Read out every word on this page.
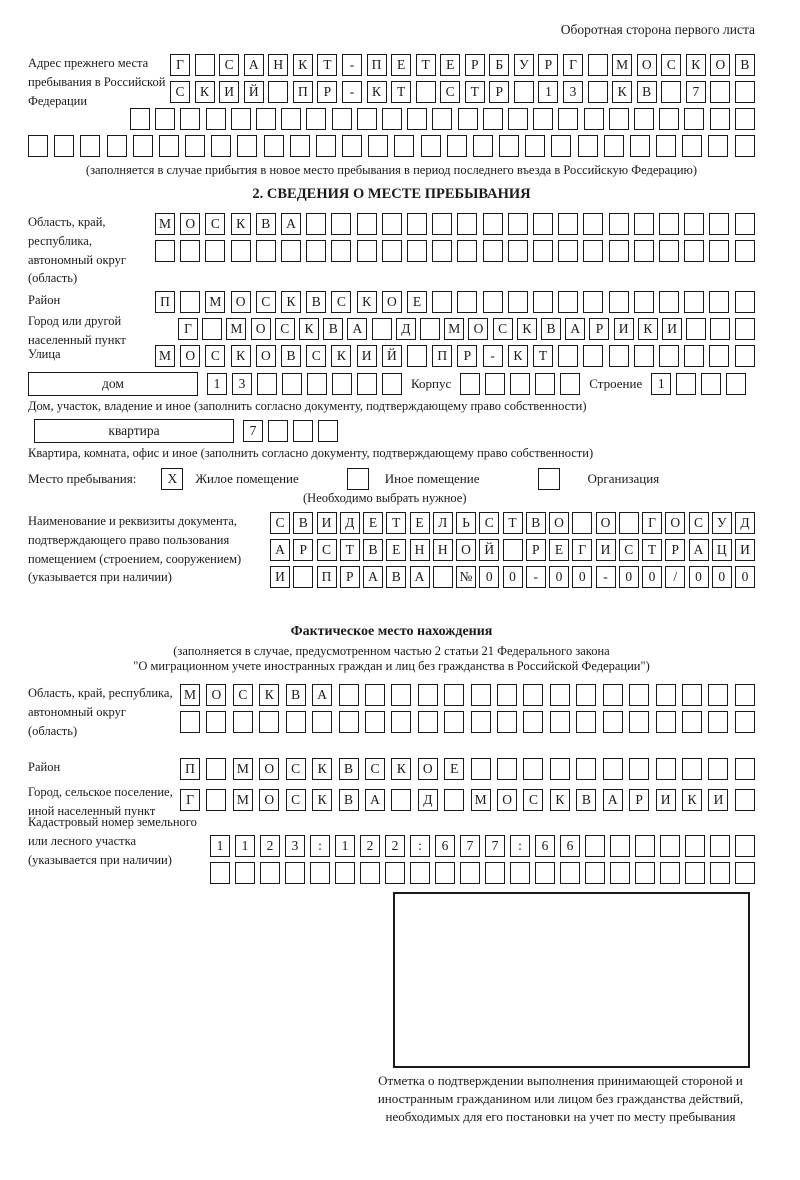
Оборотная сторона первого листа
Адрес прежнего места пребывания в Российской Федерации
Г	С	А	Н	К	Т	-	П	Е	Т	Е	Р	Б	У	Р	Г	М	О	С	К	О	В
С	К	И	Й	П	Р	-	К	Т	С	Т	Р	1	3	К	В	7
(заполняется в случае прибытия в новое место пребывания в период последнего въезда в Российскую Федерацию)
2. СВЕДЕНИЯ О МЕСТЕ ПРЕБЫВАНИЯ
Область, край, республика, автономный округ (область)
М	О	С	К	В	А
Район	П	М	О	С	К	В	С	К	О	Е
Город или другой населенный пункт
Г	М О	С	К	В	А	Д	М О	С	К	В	А	Р	И	К	И
Улица	М	О	С	К	О	В	С	К	И	Й	П	Р	-	К	Т
дом	1	3	Корпус	Строение	1
Дом, участок, владение и иное (заполнить согласно документу, подтверждающему право собственности)
квартира	7
Квартира, комната, офис и иное (заполнить согласно документу, подтверждающему право собственности)
Место пребывания:	X	Жилое помещение	Иное помещение	Организация
(Необходимо выбрать нужное)
Наименование и реквизиты документа, подтверждающего право пользования помещением (строением, сооружением) (указывается при наличии)
С	В	И	Д	Е	Т	Е	Л	Ь	С	Т	В	О	О	Г	О	С	У	Д
А	Р	С	Т	В	Е	Н	Н	О	Й	Р	Е	Г	И	С	Т	Р	А	Ц	И
И	П	Р	А	В	А	№ 0	0	-	0	0	-	0	0	/	0	0	0
Фактическое место нахождения
(заполняется в случае, предусмотренном частью 2 статьи 21 Федерального закона
"О миграционном учете иностранных граждан и лиц без гражданства в Российской Федерации")
Область, край, республика, автономный округ (область)
М	О	С	К	В	А
Район	П	М	О	С	К	В	С	К	О	Е
Город, сельское поселение, иной населенный пункт
Г	М	О	С	К	В	А	Д	М	О	С	К	В	А	Р	И	К	И
Кадастровый номер земельного или лесного участка (указывается при наличии)
1	1	2	3	:	1	2	2	:	6	7	7	:	6	6
Отметка о подтверждении выполнения принимающей стороной и иностранным гражданином или лицом без гражданства действий, необходимых для его постановки на учет по месту пребывания
